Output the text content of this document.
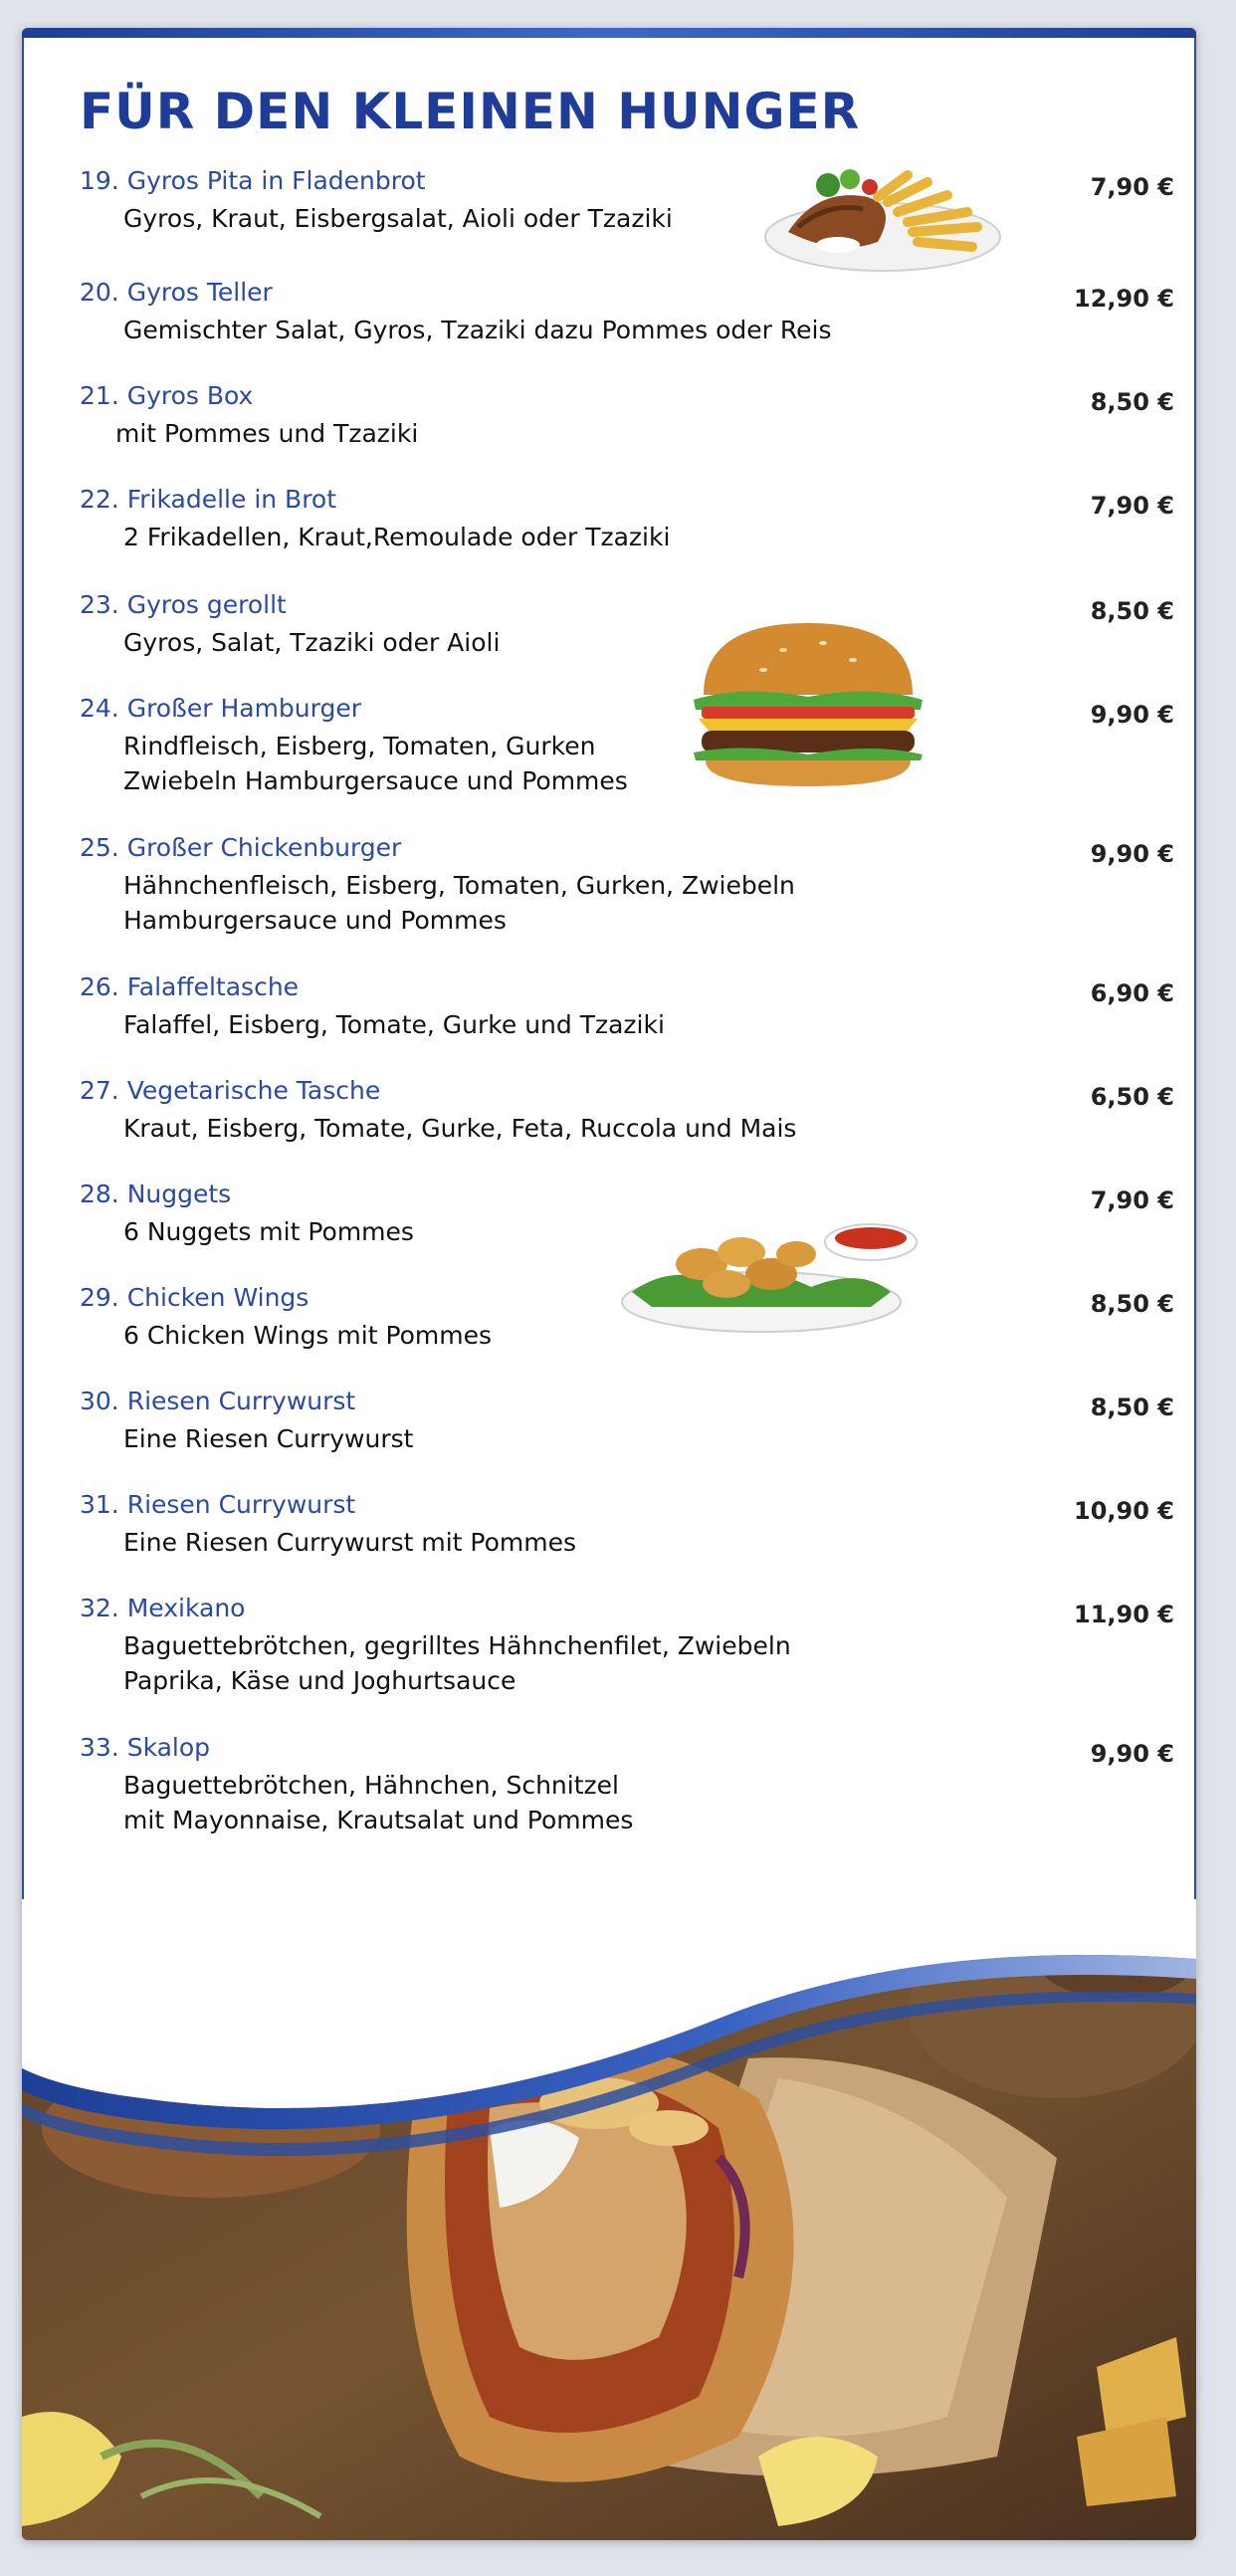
FÜR DEN KLEINEN HUNGER
19. Gyros Pita in Fladenbrot
Gyros, Kraut, Eisbergsalat, Aioli oder Tzaziki
7,90 €
20. Gyros Teller
Gemischter Salat, Gyros, Tzaziki dazu Pommes oder Reis
12,90 €
21. Gyros Box
mit Pommes und Tzaziki
8,50 €
22. Frikadelle in Brot
2 Frikadellen, Kraut,Remoulade oder Tzaziki
7,90 €
23. Gyros gerollt
Gyros, Salat, Tzaziki oder Aioli
8,50 €
24. Großer Hamburger
Rindfleisch, Eisberg, Tomaten, Gurken
Zwiebeln Hamburgersauce und Pommes
9,90 €
25. Großer Chickenburger
Hähnchenfleisch, Eisberg, Tomaten, Gurken, Zwiebeln
Hamburgersauce und Pommes
9,90 €
26. Falaffeltasche
Falaffel, Eisberg, Tomate, Gurke und Tzaziki
6,90 €
27. Vegetarische Tasche
Kraut, Eisberg, Tomate, Gurke, Feta, Ruccola und Mais
6,50 €
28. Nuggets
6 Nuggets mit Pommes
7,90 €
29. Chicken Wings
6 Chicken Wings mit Pommes
8,50 €
30. Riesen Currywurst
Eine Riesen Currywurst
8,50 €
31. Riesen Currywurst
Eine Riesen Currywurst mit Pommes
10,90 €
32. Mexikano
Baguettebrötchen, gegrilltes Hähnchenfilet, Zwiebeln
Paprika, Käse und Joghurtsauce
11,90 €
33. Skalop
Baguettebrötchen, Hähnchen, Schnitzel
mit Mayonnaise, Krautsalat und Pommes
9,90 €
